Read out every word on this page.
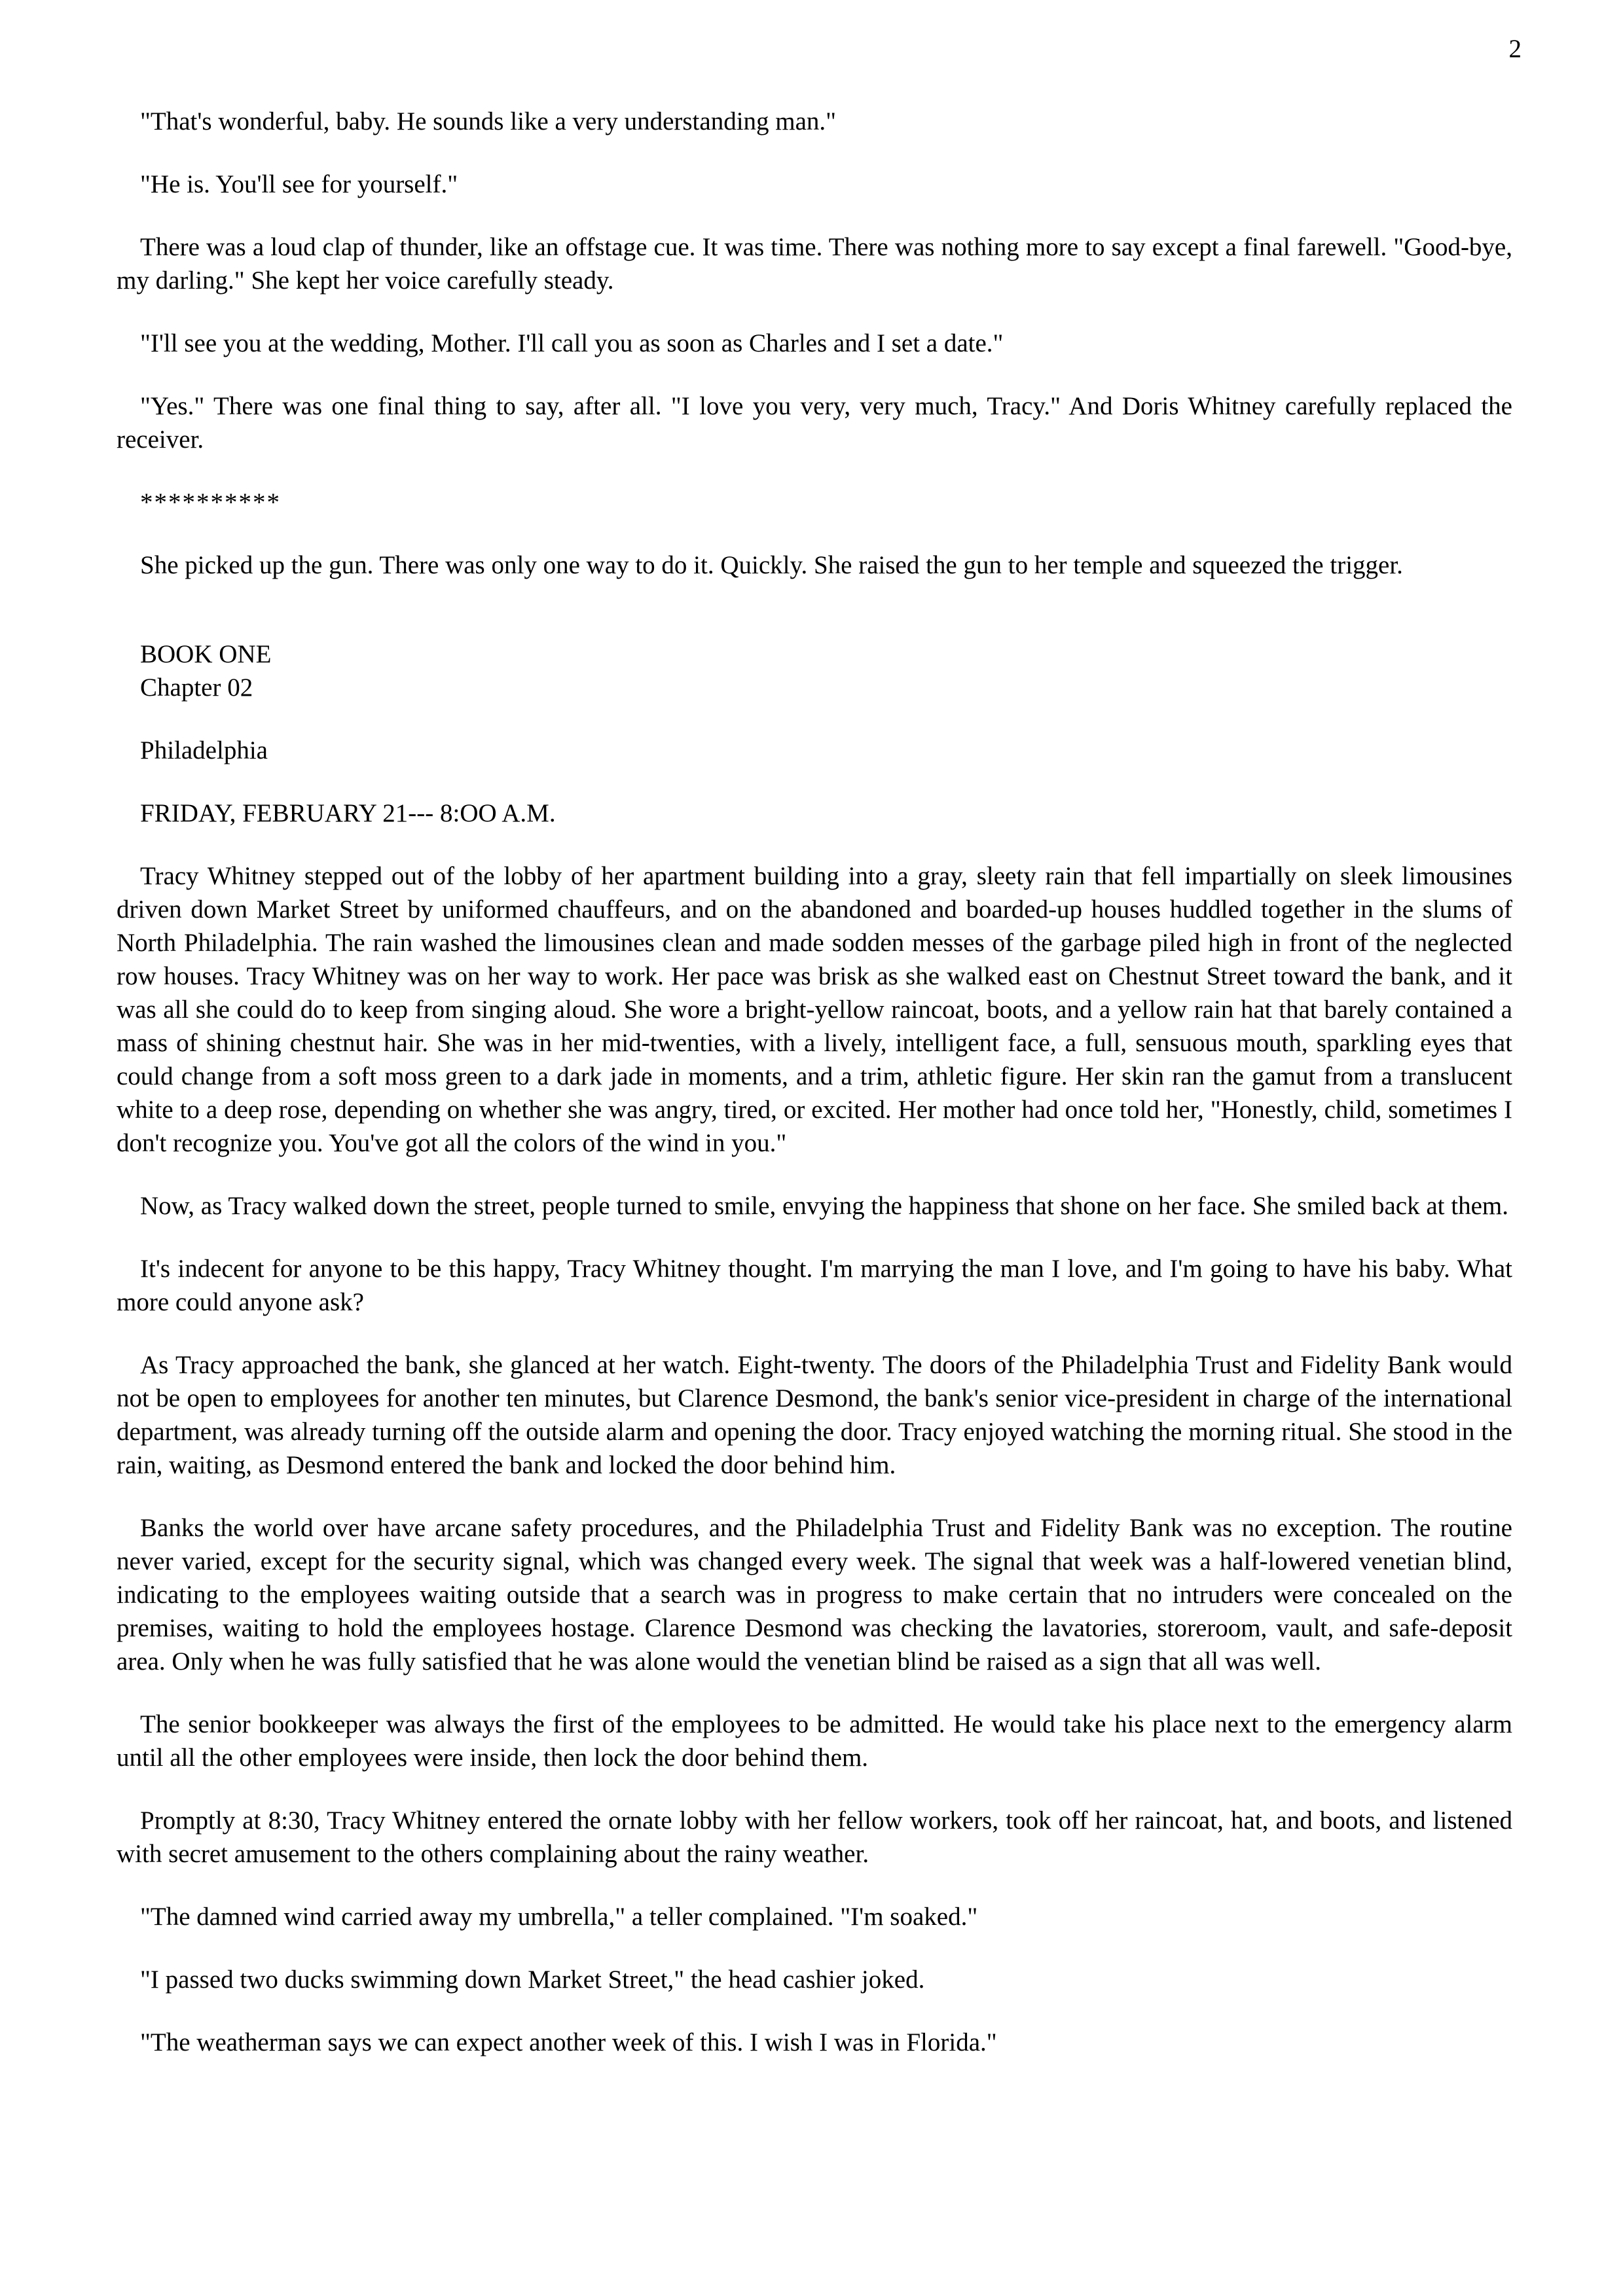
2

"That's wonderful, baby. He sounds like a very understanding man."

"He is. You'll see for yourself."

There was a loud clap of thunder, like an offstage cue. It was time. There was nothing more to say except a final farewell. "Good-bye, my darling." She kept her voice carefully steady.

"I'll see you at the wedding, Mother. I'll call you as soon as Charles and I set a date."

"Yes." There was one final thing to say, after all. "I love you very, very much, Tracy." And Doris Whitney carefully replaced the receiver.

**********

She picked up the gun. There was only one way to do it. Quickly. She raised the gun to her temple and squeezed the trigger.

BOOK ONE
Chapter 02
Philadelphia
FRIDAY, FEBRUARY 21--- 8:OO A.M.

Tracy Whitney stepped out of the lobby of her apartment building into a gray, sleety rain that fell impartially on sleek limousines driven down Market Street by uniformed chauffeurs, and on the abandoned and boarded-up houses huddled together in the slums of North Philadelphia. The rain washed the limousines clean and made sodden messes of the garbage piled high in front of the neglected row houses. Tracy Whitney was on her way to work. Her pace was brisk as she walked east on Chestnut Street toward the bank, and it was all she could do to keep from singing aloud. She wore a bright-yellow raincoat, boots, and a yellow rain hat that barely contained a mass of shining chestnut hair. She was in her mid-twenties, with a lively, intelligent face, a full, sensuous mouth, sparkling eyes that could change from a soft moss green to a dark jade in moments, and a trim, athletic figure. Her skin ran the gamut from a translucent white to a deep rose, depending on whether she was angry, tired, or excited. Her mother had once told her, "Honestly, child, sometimes I don't recognize you. You've got all the colors of the wind in you."

Now, as Tracy walked down the street, people turned to smile, envying the happiness that shone on her face. She smiled back at them.

It's indecent for anyone to be this happy, Tracy Whitney thought. I'm marrying the man I love, and I'm going to have his baby. What more could anyone ask?

As Tracy approached the bank, she glanced at her watch. Eight-twenty. The doors of the Philadelphia Trust and Fidelity Bank would not be open to employees for another ten minutes, but Clarence Desmond, the bank's senior vice-president in charge of the international department, was already turning off the outside alarm and opening the door. Tracy enjoyed watching the morning ritual. She stood in the rain, waiting, as Desmond entered the bank and locked the door behind him.

Banks the world over have arcane safety procedures, and the Philadelphia Trust and Fidelity Bank was no exception. The routine never varied, except for the security signal, which was changed every week. The signal that week was a half-lowered venetian blind, indicating to the employees waiting outside that a search was in progress to make certain that no intruders were concealed on the premises, waiting to hold the employees hostage. Clarence Desmond was checking the lavatories, storeroom, vault, and safe-deposit area. Only when he was fully satisfied that he was alone would the venetian blind be raised as a sign that all was well.

The senior bookkeeper was always the first of the employees to be admitted. He would take his place next to the emergency alarm until all the other employees were inside, then lock the door behind them.

Promptly at 8:30, Tracy Whitney entered the ornate lobby with her fellow workers, took off her raincoat, hat, and boots, and listened with secret amusement to the others complaining about the rainy weather.

"The damned wind carried away my umbrella," a teller complained. "I'm soaked."

"I passed two ducks swimming down Market Street," the head cashier joked.

"The weatherman says we can expect another week of this. I wish I was in Florida."
